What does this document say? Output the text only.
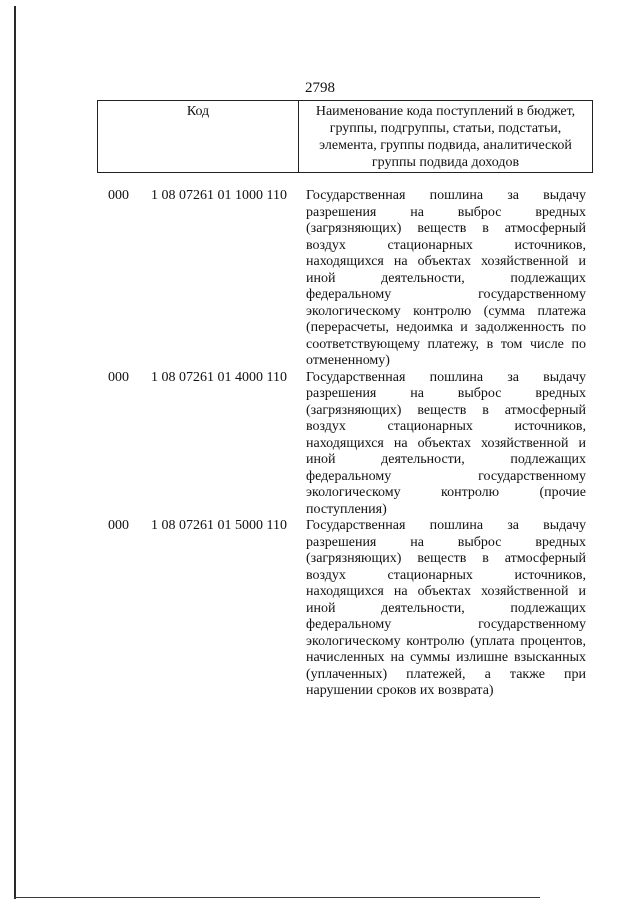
2798
Код	Наименование кода поступлений в бюджет, группы, подгруппы, статьи, подстатьи, элемента, группы подвида, аналитической группы подвида доходов
000 1 08 07261 01 1000 110 Государственная пошлина за выдачу разрешения на выброс вредных (загрязняющих) веществ в атмосферный воздух стационарных источников, находящихся на объектах хозяйственной и иной деятельности, подлежащих федеральному государственному экологическому контролю (сумма платежа (перерасчеты, недоимка и задолженность по соответствующему платежу, в том числе по отмененному)
000 1 08 07261 01 4000 110 Государственная пошлина за выдачу разрешения на выброс вредных (загрязняющих) веществ в атмосферный воздух стационарных источников, находящихся на объектах хозяйственной и иной деятельности, подлежащих федеральному государственному экологическому контролю (прочие поступления)
000 1 08 07261 01 5000 110 Государственная пошлина за выдачу разрешения на выброс вредных (загрязняющих) веществ в атмосферный воздух стационарных источников, находящихся на объектах хозяйственной и иной деятельности, подлежащих федеральному государственному экологическому контролю (уплата процентов, начисленных на суммы излишне взысканных (уплаченных) платежей, а также при нарушении сроков их возврата)
